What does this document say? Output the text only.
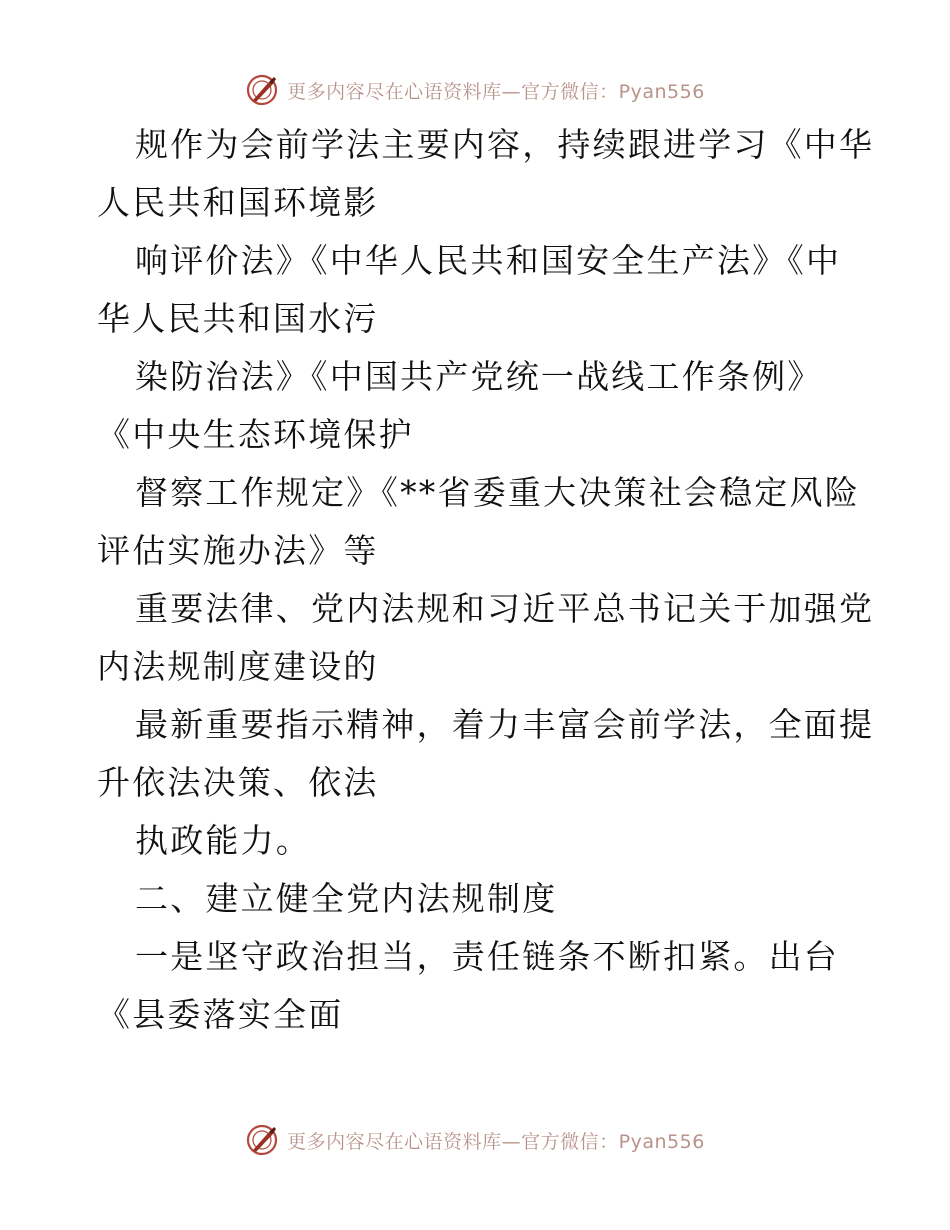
更多内容尽在心语资料库—官方微信：Pyan556
规作为会前学法主要内容，持续跟进学习《中华
人民共和国环境影
响评价法》《中华人民共和国安全生产法》《中
华人民共和国水污
染防治法》《中国共产党统一战线工作条例》
《中央生态环境保护
督察工作规定》《**省委重大决策社会稳定风险
评估实施办法》等
重要法律、党内法规和习近平总书记关于加强党
内法规制度建设的
最新重要指示精神，着力丰富会前学法，全面提
升依法决策、依法
执政能力。
二、建立健全党内法规制度
一是坚守政治担当，责任链条不断扣紧。出台
《县委落实全面
更多内容尽在心语资料库—官方微信：Pyan556
